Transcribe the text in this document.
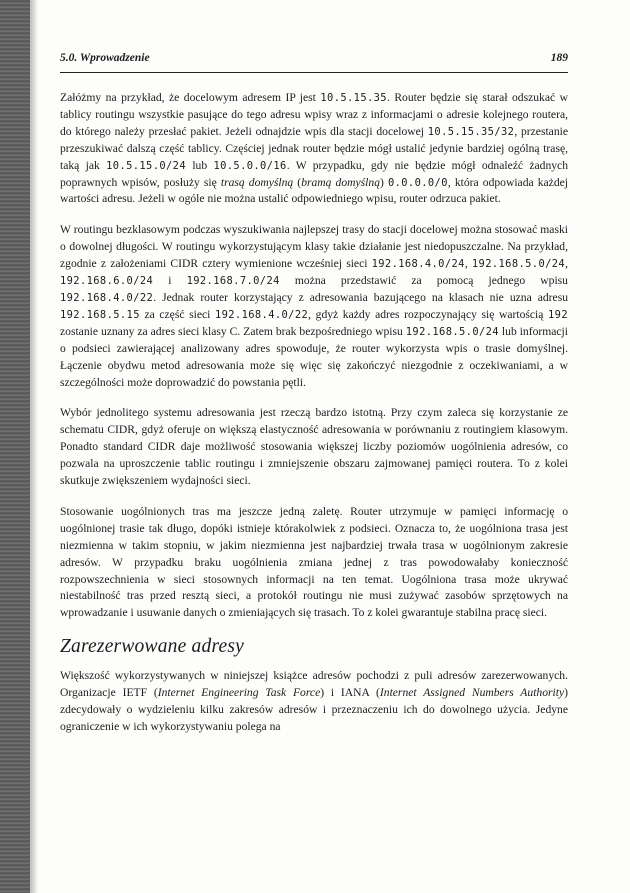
5.0. Wprowadzenie	189

Załóżmy na przykład, że docelowym adresem IP jest 10.5.15.35. Router będzie się starał odszukać w tablicy routingu wszystkie pasujące do tego adresu wpisy wraz z informacjami o adresie kolejnego routera, do którego należy przesłać pakiet. Jeżeli odnajdzie wpis dla stacji docelowej 10.5.15.35/32, przestanie przeszukiwać dalszą część tablicy. Częściej jednak router będzie mógł ustalić jedynie bardziej ogólną trasę, taką jak 10.5.15.0/24 lub 10.5.0.0/16. W przypadku, gdy nie będzie mógł odnaleźć żadnych poprawnych wpisów, posłuży się trasą domyślną (bramą domyślną) 0.0.0.0/0, która odpowiada każdej wartości adresu. Jeżeli w ogóle nie można ustalić odpowiedniego wpisu, router odrzuca pakiet.

W routingu bezklasowym podczas wyszukiwania najlepszej trasy do stacji docelowej można stosować maski o dowolnej długości. W routingu wykorzystującym klasy takie działanie jest niedopuszczalne. Na przykład, zgodnie z założeniami CIDR cztery wymienione wcześniej sieci 192.168.4.0/24, 192.168.5.0/24, 192.168.6.0/24 i 192.168.7.0/24 można przedstawić za pomocą jednego wpisu 192.168.4.0/22. Jednak router korzystający z adresowania bazującego na klasach nie uzna adresu 192.168.5.15 za część sieci 192.168.4.0/22, gdyż każdy adres rozpoczynający się wartością 192 zostanie uznany za adres sieci klasy C. Zatem brak bezpośredniego wpisu 192.168.5.0/24 lub informacji o podsieci zawierającej analizowany adres spowoduje, że router wykorzysta wpis o trasie domyślnej. Łączenie obydwu metod adresowania może się więc się zakończyć niezgodnie z oczekiwaniami, a w szczególności może doprowadzić do powstania pętli.

Wybór jednolitego systemu adresowania jest rzeczą bardzo istotną. Przy czym zaleca się korzystanie ze schematu CIDR, gdyż oferuje on większą elastyczność adresowania w porównaniu z routingiem klasowym. Ponadto standard CIDR daje możliwość stosowania większej liczby poziomów uogólnienia adresów, co pozwala na uproszczenie tablic routingu i zmniejszenie obszaru zajmowanej pamięci routera. To z kolei skutkuje zwiększeniem wydajności sieci.

Stosowanie uogólnionych tras ma jeszcze jedną zaletę. Router utrzymuje w pamięci informację o uogólnionej trasie tak długo, dopóki istnieje którakolwiek z podsieci. Oznacza to, że uogólniona trasa jest niezmienna w takim stopniu, w jakim niezmienna jest najbardziej trwała trasa w uogólnionym zakresie adresów. W przypadku braku uogólnienia zmiana jednej z tras powodowałaby konieczność rozpowszechnienia w sieci stosownych informacji na ten temat. Uogólniona trasa może ukrywać niestabilność tras przed resztą sieci, a protokół routingu nie musi zużywać zasobów sprzętowych na wprowadzanie i usuwanie danych o zmieniających się trasach. To z kolei gwarantuje stabilna pracę sieci.

Zarezerwowane adresy

Większość wykorzystywanych w niniejszej książce adresów pochodzi z puli adresów zarezerwowanych. Organizacje IETF (Internet Engineering Task Force) i IANA (Internet Assigned Numbers Authority) zdecydowały o wydzieleniu kilku zakresów adresów i przeznaczeniu ich do dowolnego użycia. Jedyne ograniczenie w ich wykorzystywaniu polega na
